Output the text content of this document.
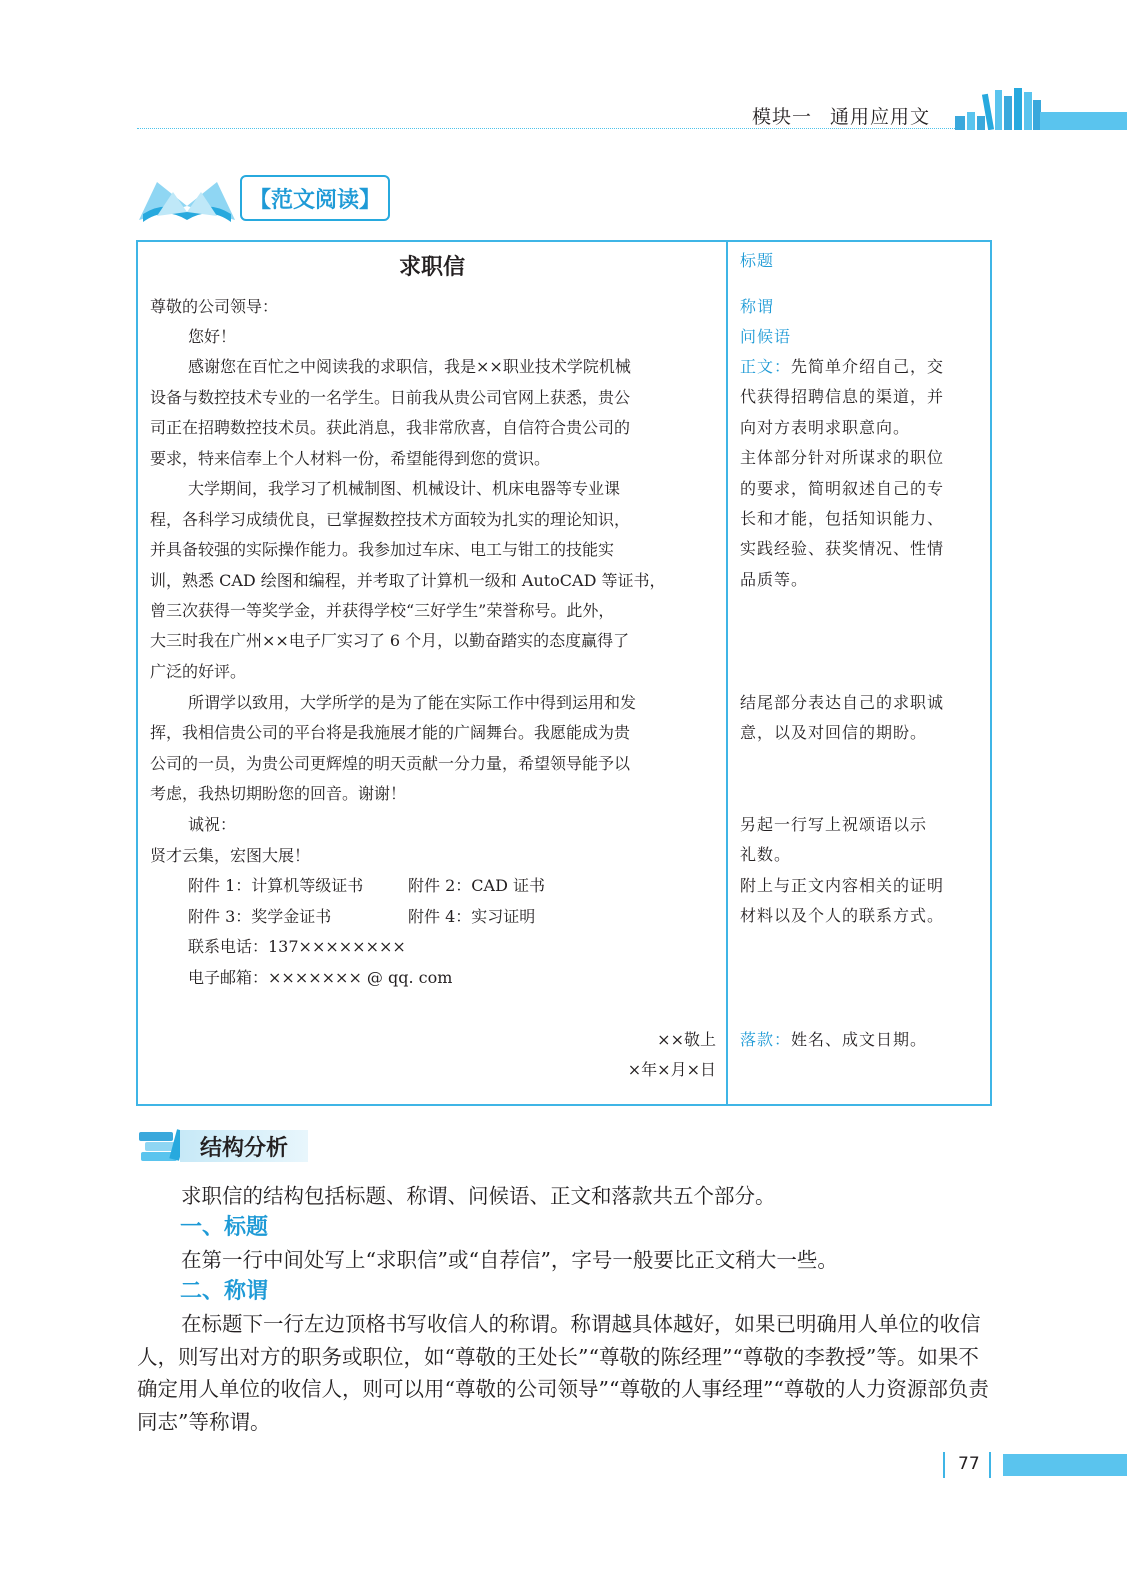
模块一 通用应用文
【范文阅读】
求职信
尊敬的公司领导：
您好！
感谢您在百忙之中阅读我的求职信，我是××职业技术学院机械
设备与数控技术专业的一名学生。日前我从贵公司官网上获悉，贵公
司正在招聘数控技术员。获此消息，我非常欣喜，自信符合贵公司的
要求，特来信奉上个人材料一份，希望能得到您的赏识。
大学期间，我学习了机械制图、机械设计、机床电器等专业课
程，各科学习成绩优良，已掌握数控技术方面较为扎实的理论知识，
并具备较强的实际操作能力。我参加过车床、电工与钳工的技能实
训，熟悉 CAD 绘图和编程，并考取了计算机一级和 AutoCAD 等证书，
曾三次获得一等奖学金，并获得学校“三好学生”荣誉称号。此外，
大三时我在广州××电子厂实习了 6 个月，以勤奋踏实的态度赢得了
广泛的好评。
所谓学以致用，大学所学的是为了能在实际工作中得到运用和发
挥，我相信贵公司的平台将是我施展才能的广阔舞台。我愿能成为贵
公司的一员，为贵公司更辉煌的明天贡献一分力量，希望领导能予以
考虑，我热切期盼您的回音。谢谢！
诚祝：
贤才云集，宏图大展！
附件 1：计算机等级证书	附件 2：CAD 证书
附件 3：奖学金证书	附件 4：实习证明
联系电话：137××××××××
电子邮箱：××××××× @ qq. com
××敬上
×年×月×日
标题
称谓
问候语
正文：先简单介绍自己，交
代获得招聘信息的渠道，并
向对方表明求职意向。
主体部分针对所谋求的职位
的要求，简明叙述自己的专
长和才能，包括知识能力、
实践经验、获奖情况、性情
品质等。
结尾部分表达自己的求职诚
意，以及对回信的期盼。
另起一行写上祝颂语以示
礼数。
附上与正文内容相关的证明
材料以及个人的联系方式。
落款：姓名、成文日期。
结构分析
求职信的结构包括标题、称谓、问候语、正文和落款共五个部分。
一、标题
在第一行中间处写上“求职信”或“自荐信”，字号一般要比正文稍大一些。
二、称谓
在标题下一行左边顶格书写收信人的称谓。称谓越具体越好，如果已明确用人单位的收信人，则写出对方的职务或职位，如“尊敬的王处长”“尊敬的陈经理”“尊敬的李教授”等。如果不确定用人单位的收信人，则可以用“尊敬的公司领导”“尊敬的人事经理”“尊敬的人力资源部负责同志”等称谓。
77
